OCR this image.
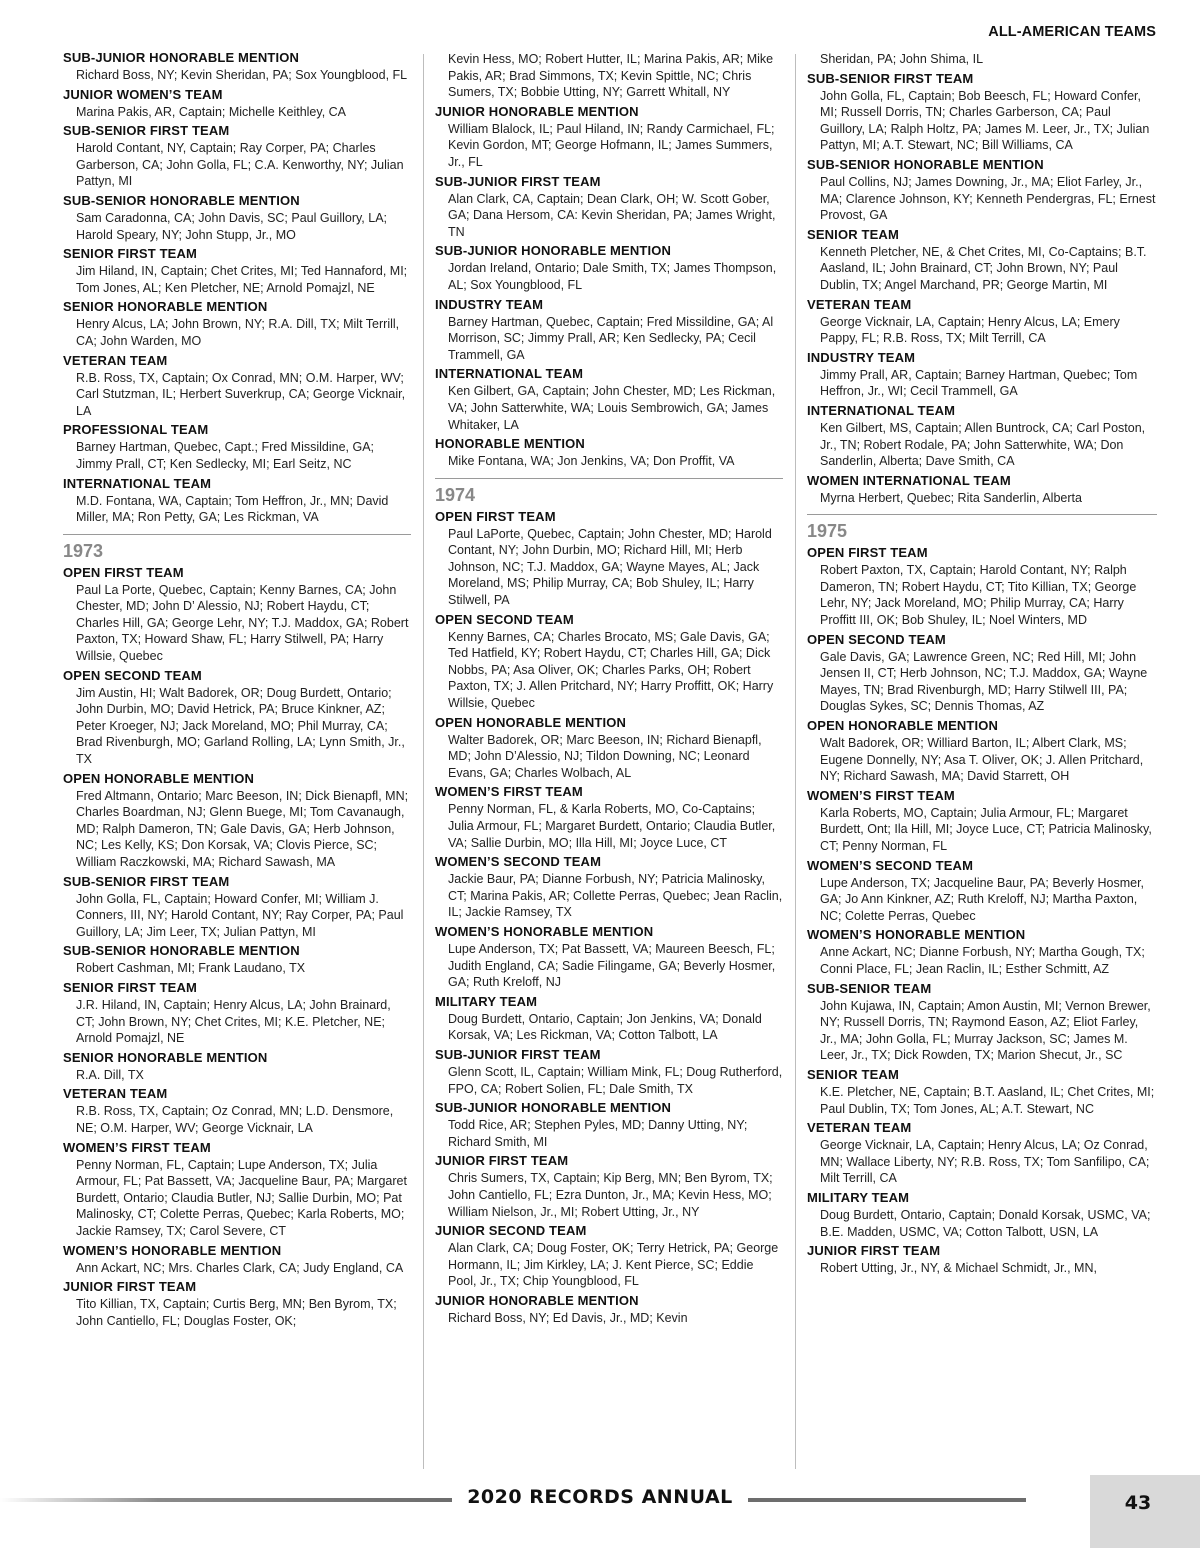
ALL-AMERICAN TEAMS
SUB-JUNIOR HONORABLE MENTION
Richard Boss, NY; Kevin Sheridan, PA; Sox Youngblood, FL
JUNIOR WOMEN’S TEAM
Marina Pakis, AR, Captain; Michelle Keithley, CA
SUB-SENIOR FIRST TEAM
Harold Contant, NY, Captain; Ray Corper, PA; Charles Garberson, CA; John Golla, FL; C.A. Kenworthy, NY; Julian Pattyn, MI
SUB-SENIOR HONORABLE MENTION
Sam Caradonna, CA; John Davis, SC; Paul Guillory, LA; Harold Speary, NY; John Stupp, Jr., MO
SENIOR FIRST TEAM
Jim Hiland, IN, Captain; Chet Crites, MI; Ted Hannaford, MI; Tom Jones, AL; Ken Pletcher, NE; Arnold Pomajzl, NE
SENIOR HONORABLE MENTION
Henry Alcus, LA; John Brown, NY; R.A. Dill, TX; Milt Terrill, CA; John Warden, MO
VETERAN TEAM
R.B. Ross, TX, Captain; Ox Conrad, MN; O.M. Harper, WV; Carl Stutzman, IL; Herbert Suverkrup, CA; George Vicknair, LA
PROFESSIONAL TEAM
Barney Hartman, Quebec, Capt.; Fred Missildine, GA; Jimmy Prall, CT; Ken Sedlecky, MI; Earl Seitz, NC
INTERNATIONAL TEAM
M.D. Fontana, WA, Captain; Tom Heffron, Jr., MN; David Miller, MA; Ron Petty, GA; Les Rickman, VA
1973
OPEN FIRST TEAM
Paul La Porte, Quebec, Captain; Kenny Barnes, CA; John Chester, MD; John D’ Alessio, NJ; Robert Haydu, CT; Charles Hill, GA; George Lehr, NY; T.J. Maddox, GA; Robert Paxton, TX; Howard Shaw, FL; Harry Stilwell, PA; Harry Willsie, Quebec
OPEN SECOND TEAM
Jim Austin, HI; Walt Badorek, OR; Doug Burdett, Ontario; John Durbin, MO; David Hetrick, PA; Bruce Kinkner, AZ; Peter Kroeger, NJ; Jack Moreland, MO; Phil Murray, CA; Brad Rivenburgh, MO; Garland Rolling, LA; Lynn Smith, Jr., TX
OPEN HONORABLE MENTION
Fred Altmann, Ontario; Marc Beeson, IN; Dick Bienapfl, MN; Charles Boardman, NJ; Glenn Buege, MI; Tom Cavanaugh, MD; Ralph Dameron, TN; Gale Davis, GA; Herb Johnson, NC; Les Kelly, KS; Don Korsak, VA; Clovis Pierce, SC; William Raczkowski, MA; Richard Sawash, MA
SUB-SENIOR FIRST TEAM
John Golla, FL, Captain; Howard Confer, MI; William J. Conners, III, NY; Harold Contant, NY; Ray Corper, PA; Paul Guillory, LA; Jim Leer, TX; Julian Pattyn, MI
SUB-SENIOR HONORABLE MENTION
Robert Cashman, MI; Frank Laudano, TX
SENIOR FIRST TEAM
J.R. Hiland, IN, Captain; Henry Alcus, LA; John Brainard, CT; John Brown, NY; Chet Crites, MI; K.E. Pletcher, NE; Arnold Pomajzl, NE
SENIOR HONORABLE MENTION
R.A. Dill, TX
VETERAN TEAM
R.B. Ross, TX, Captain; Oz Conrad, MN; L.D. Densmore, NE; O.M. Harper, WV; George Vicknair, LA
WOMEN’S FIRST TEAM
Penny Norman, FL, Captain; Lupe Anderson, TX; Julia Armour, FL; Pat Bassett, VA; Jacqueline Baur, PA; Margaret Burdett, Ontario; Claudia Butler, NJ; Sallie Durbin, MO; Pat Malinosky, CT; Colette Perras, Quebec; Karla Roberts, MO; Jackie Ramsey, TX; Carol Severe, CT
WOMEN’S HONORABLE MENTION
Ann Ackart, NC; Mrs. Charles Clark, CA; Judy England, CA
JUNIOR FIRST TEAM
Tito Killian, TX, Captain; Curtis Berg, MN; Ben Byrom, TX; John Cantiello, FL; Douglas Foster, OK;
Kevin Hess, MO; Robert Hutter, IL; Marina Pakis, AR; Mike Pakis, AR; Brad Simmons, TX; Kevin Spittle, NC; Chris Sumers, TX; Bobbie Utting, NY; Garrett Whitall, NY
JUNIOR HONORABLE MENTION
William Blalock, IL; Paul Hiland, IN; Randy Carmichael, FL; Kevin Gordon, MT; George Hofmann, IL; James Summers, Jr., FL
SUB-JUNIOR FIRST TEAM
Alan Clark, CA, Captain; Dean Clark, OH; W. Scott Gober, GA; Dana Hersom, CA: Kevin Sheridan, PA; James Wright, TN
SUB-JUNIOR HONORABLE MENTION
Jordan Ireland, Ontario; Dale Smith, TX; James Thompson, AL; Sox Youngblood, FL
INDUSTRY TEAM
Barney Hartman, Quebec, Captain; Fred Missildine, GA; Al Morrison, SC; Jimmy Prall, AR; Ken Sedlecky, PA; Cecil Trammell, GA
INTERNATIONAL TEAM
Ken Gilbert, GA, Captain; John Chester, MD; Les Rickman, VA; John Satterwhite, WA; Louis Sembrowich, GA; James Whitaker, LA
HONORABLE MENTION
Mike Fontana, WA; Jon Jenkins, VA; Don Proffit, VA
1974
OPEN FIRST TEAM
Paul LaPorte, Quebec, Captain; John Chester, MD; Harold Contant, NY; John Durbin, MO; Richard Hill, MI; Herb Johnson, NC; T.J. Maddox, GA; Wayne Mayes, AL; Jack Moreland, MS; Philip Murray, CA; Bob Shuley, IL; Harry Stilwell, PA
OPEN SECOND TEAM
Kenny Barnes, CA; Charles Brocato, MS; Gale Davis, GA; Ted Hatfield, KY; Robert Haydu, CT; Charles Hill, GA; Dick Nobbs, PA; Asa Oliver, OK; Charles Parks, OH; Robert Paxton, TX; J. Allen Pritchard, NY; Harry Proffitt, OK; Harry Willsie, Quebec
OPEN HONORABLE MENTION
Walter Badorek, OR; Marc Beeson, IN; Richard Bienapfl, MD; John D’Alessio, NJ; Tildon Downing, NC; Leonard Evans, GA; Charles Wolbach, AL
WOMEN’S FIRST TEAM
Penny Norman, FL, & Karla Roberts, MO, Co-Captains; Julia Armour, FL; Margaret Burdett, Ontario; Claudia Butler, VA; Sallie Durbin, MO; Illa Hill, MI; Joyce Luce, CT
WOMEN’S SECOND TEAM
Jackie Baur, PA; Dianne Forbush, NY; Patricia Malinosky, CT; Marina Pakis, AR; Collette Perras, Quebec; Jean Raclin, IL; Jackie Ramsey, TX
WOMEN’S HONORABLE MENTION
Lupe Anderson, TX; Pat Bassett, VA; Maureen Beesch, FL; Judith England, CA; Sadie Filingame, GA; Beverly Hosmer, GA; Ruth Kreloff, NJ
MILITARY TEAM
Doug Burdett, Ontario, Captain; Jon Jenkins, VA; Donald Korsak, VA; Les Rickman, VA; Cotton Talbott, LA
SUB-JUNIOR FIRST TEAM
Glenn Scott, IL, Captain; William Mink, FL; Doug Rutherford, FPO, CA; Robert Solien, FL; Dale Smith, TX
SUB-JUNIOR HONORABLE MENTION
Todd Rice, AR; Stephen Pyles, MD; Danny Utting, NY; Richard Smith, MI
JUNIOR FIRST TEAM
Chris Sumers, TX, Captain; Kip Berg, MN; Ben Byrom, TX; John Cantiello, FL; Ezra Dunton, Jr., MA; Kevin Hess, MO; William Nielson, Jr., MI; Robert Utting, Jr., NY
JUNIOR SECOND TEAM
Alan Clark, CA; Doug Foster, OK; Terry Hetrick, PA; George Hormann, IL; Jim Kirkley, LA; J. Kent Pierce, SC; Eddie Pool, Jr., TX; Chip Youngblood, FL
JUNIOR HONORABLE MENTION
Richard Boss, NY; Ed Davis, Jr., MD; Kevin
Sheridan, PA; John Shima, IL
SUB-SENIOR FIRST TEAM
John Golla, FL, Captain; Bob Beesch, FL; Howard Confer, MI; Russell Dorris, TN; Charles Garberson, CA; Paul Guillory, LA; Ralph Holtz, PA; James M. Leer, Jr., TX; Julian Pattyn, MI; A.T. Stewart, NC; Bill Williams, CA
SUB-SENIOR HONORABLE MENTION
Paul Collins, NJ; James Downing, Jr., MA; Eliot Farley, Jr., MA; Clarence Johnson, KY; Kenneth Pendergras, FL; Ernest Provost, GA
SENIOR TEAM
Kenneth Pletcher, NE, & Chet Crites, MI, Co-Captains; B.T. Aasland, IL; John Brainard, CT; John Brown, NY; Paul Dublin, TX; Angel Marchand, PR; George Martin, MI
VETERAN TEAM
George Vicknair, LA, Captain; Henry Alcus, LA; Emery Pappy, FL; R.B. Ross, TX; Milt Terrill, CA
INDUSTRY TEAM
Jimmy Prall, AR, Captain; Barney Hartman, Quebec; Tom Heffron, Jr., WI; Cecil Trammell, GA
INTERNATIONAL TEAM
Ken Gilbert, MS, Captain; Allen Buntrock, CA; Carl Poston, Jr., TN; Robert Rodale, PA; John Satterwhite, WA; Don Sanderlin, Alberta; Dave Smith, CA
WOMEN INTERNATIONAL TEAM
Myrna Herbert, Quebec; Rita Sanderlin, Alberta
1975
OPEN FIRST TEAM
Robert Paxton, TX, Captain; Harold Contant, NY; Ralph Dameron, TN; Robert Haydu, CT; Tito Killian, TX; George Lehr, NY; Jack Moreland, MO; Philip Murray, CA; Harry Proffitt III, OK; Bob Shuley, IL; Noel Winters, MD
OPEN SECOND TEAM
Gale Davis, GA; Lawrence Green, NC; Red Hill, MI; John Jensen II, CT; Herb Johnson, NC; T.J. Maddox, GA; Wayne Mayes, TN; Brad Rivenburgh, MD; Harry Stilwell III, PA; Douglas Sykes, SC; Dennis Thomas, AZ
OPEN HONORABLE MENTION
Walt Badorek, OR; Williard Barton, IL; Albert Clark, MS; Eugene Donnelly, NY; Asa T. Oliver, OK; J. Allen Pritchard, NY; Richard Sawash, MA; David Starrett, OH
WOMEN’S FIRST TEAM
Karla Roberts, MO, Captain; Julia Armour, FL; Margaret Burdett, Ont; Ila Hill, MI; Joyce Luce, CT; Patricia Malinosky, CT; Penny Norman, FL
WOMEN’S SECOND TEAM
Lupe Anderson, TX; Jacqueline Baur, PA; Beverly Hosmer, GA; Jo Ann Kinkner, AZ; Ruth Kreloff, NJ; Martha Paxton, NC; Colette Perras, Quebec
WOMEN’S HONORABLE MENTION
Anne Ackart, NC; Dianne Forbush, NY; Martha Gough, TX; Conni Place, FL; Jean Raclin, IL; Esther Schmitt, AZ
SUB-SENIOR TEAM
John Kujawa, IN, Captain; Amon Austin, MI; Vernon Brewer, NY; Russell Dorris, TN; Raymond Eason, AZ; Eliot Farley, Jr., MA; John Golla, FL; Murray Jackson, SC; James M. Leer, Jr., TX; Dick Rowden, TX; Marion Shecut, Jr., SC
SENIOR TEAM
K.E. Pletcher, NE, Captain; B.T. Aasland, IL; Chet Crites, MI; Paul Dublin, TX; Tom Jones, AL; A.T. Stewart, NC
VETERAN TEAM
George Vicknair, LA, Captain; Henry Alcus, LA; Oz Conrad, MN; Wallace Liberty, NY; R.B. Ross, TX; Tom Sanfilipo, CA; Milt Terrill, CA
MILITARY TEAM
Doug Burdett, Ontario, Captain; Donald Korsak, USMC, VA; B.E. Madden, USMC, VA; Cotton Talbott, USN, LA
JUNIOR FIRST TEAM
Robert Utting, Jr., NY, & Michael Schmidt, Jr., MN,
2020 RECORDS ANNUAL	43
